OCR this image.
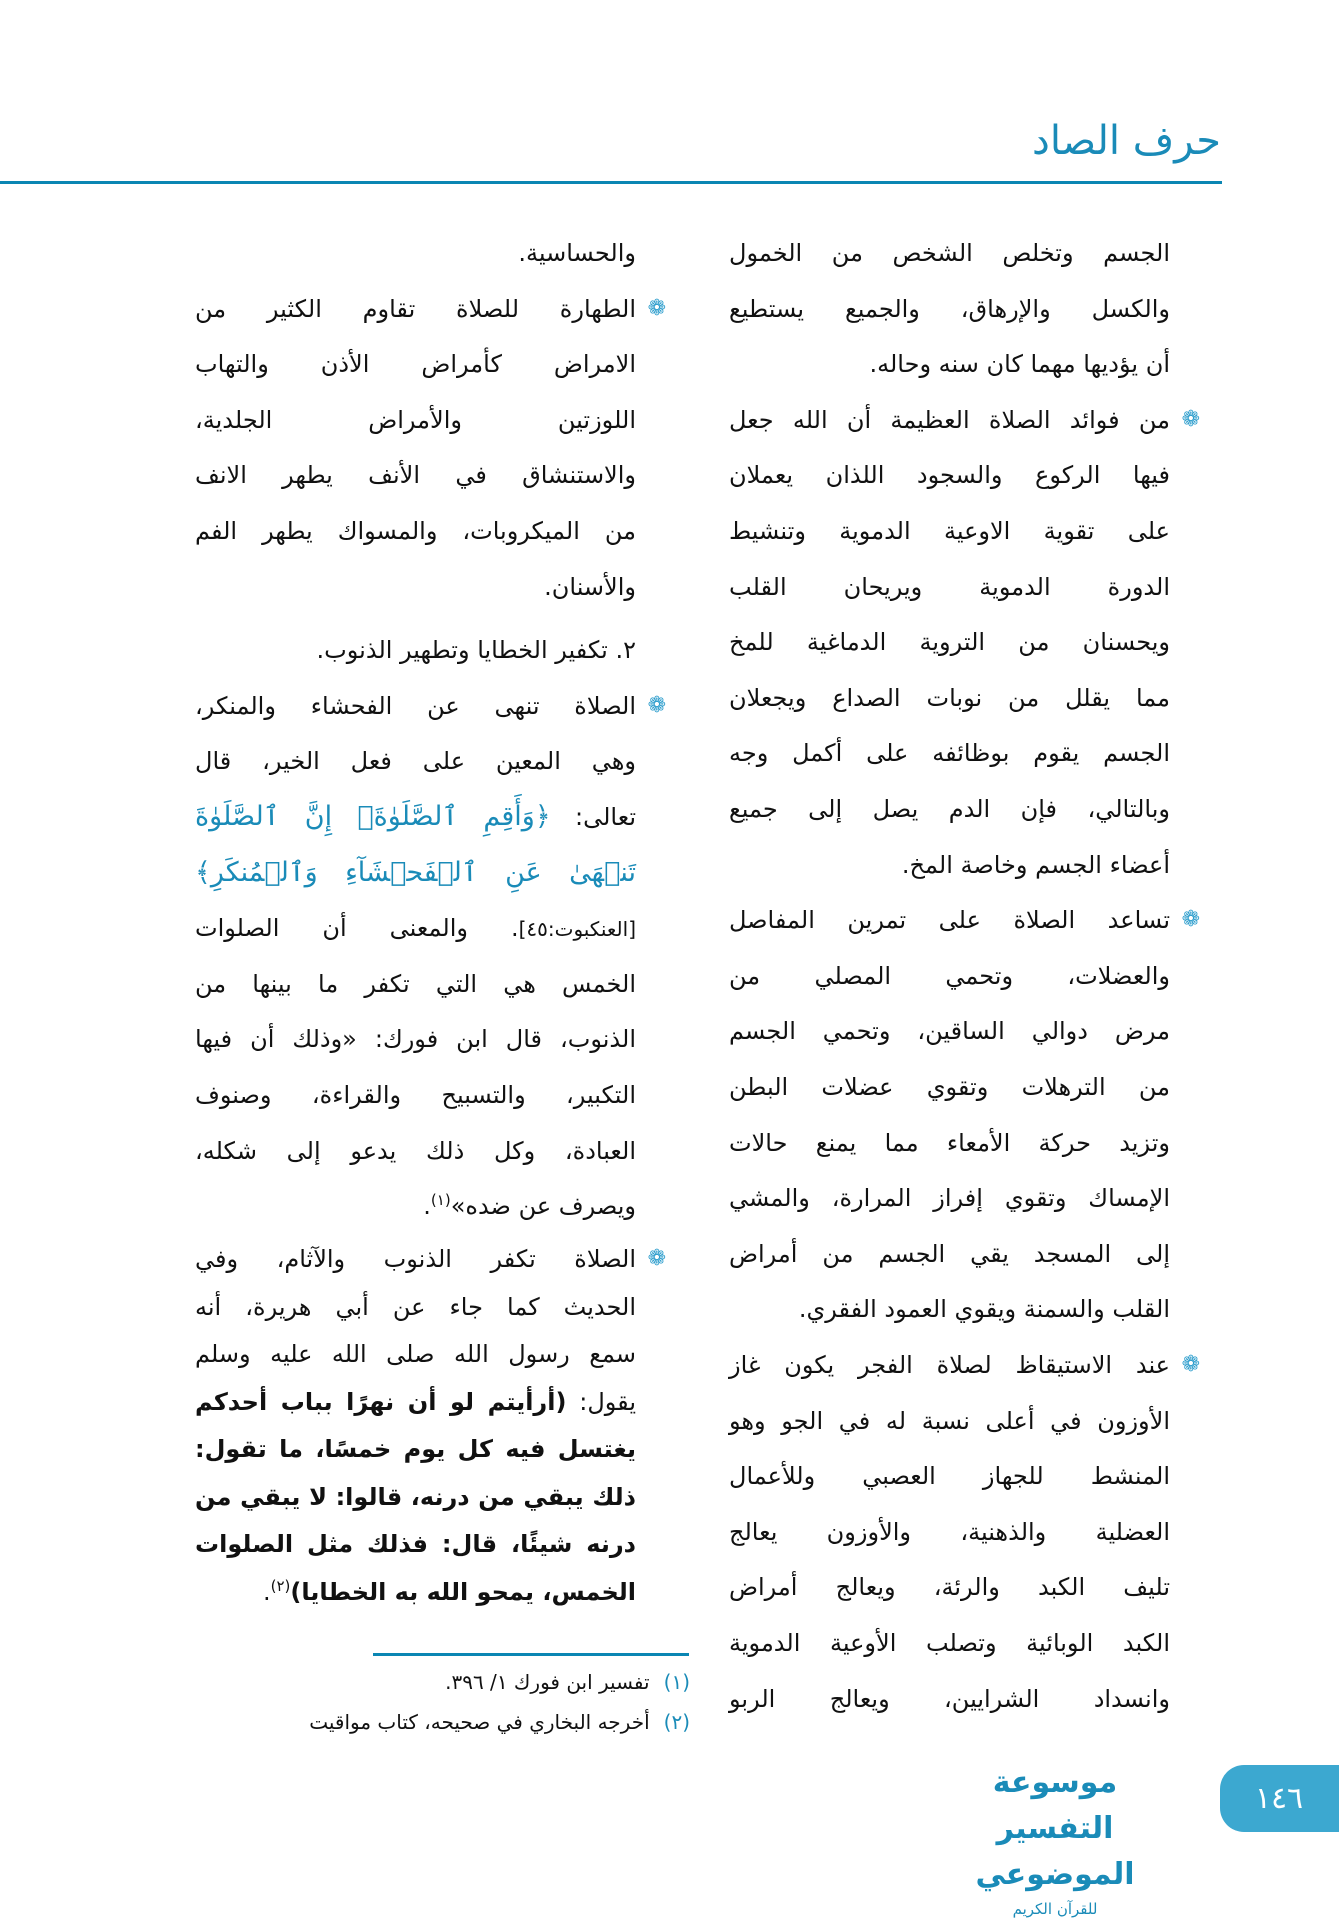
حرف الصاد
الجسم وتخلص الشخص من الخمول
والكسل والإرهاق، والجميع يستطيع
أن يؤديها مهما كان سنه وحاله.
❁
من فوائد الصلاة العظيمة أن الله جعل
فيها الركوع والسجود اللذان يعملان
على تقوية الاوعية الدموية وتنشيط
الدورة الدموية ويريحان القلب
ويحسنان من التروية الدماغية للمخ
مما يقلل من نوبات الصداع ويجعلان
الجسم يقوم بوظائفه على أكمل وجه
وبالتالي، فإن الدم يصل إلى جميع
أعضاء الجسم وخاصة المخ.
❁
تساعد الصلاة على تمرين المفاصل
والعضلات، وتحمي المصلي من
مرض دوالي الساقين، وتحمي الجسم
من الترهلات وتقوي عضلات البطن
وتزيد حركة الأمعاء مما يمنع حالات
الإمساك وتقوي إفراز المرارة، والمشي
إلى المسجد يقي الجسم من أمراض
القلب والسمنة ويقوي العمود الفقري.
❁
عند الاستيقاظ لصلاة الفجر يكون غاز
الأوزون في أعلى نسبة له في الجو وهو
المنشط للجهاز العصبي وللأعمال
العضلية والذهنية، والأوزون يعالج
تليف الكبد والرئة، ويعالج أمراض
الكبد الوبائية وتصلب الأوعية الدموية
وانسداد الشرايين، ويعالج الربو
والحساسية.
❁
الطهارة للصلاة تقاوم الكثير من
الامراض كأمراض الأذن والتهاب
اللوزتين والأمراض الجلدية،
والاستنشاق في الأنف يطهر الانف
من الميكروبات، والمسواك يطهر الفم
والأسنان.
٢. تكفير الخطايا وتطهير الذنوب.
❁
الصلاة تنهى عن الفحشاء والمنكر،
وهي المعين على فعل الخير، قال
تعالى: ﴿وَأَقِمِ ٱلصَّلَوٰةَۖ إِنَّ ٱلصَّلَوٰةَ
تَنۡهَىٰ عَنِ ٱلۡفَحۡشَآءِ وَٱلۡمُنكَرِ﴾
[العنكبوت:٤٥]. والمعنى أن الصلوات
الخمس هي التي تكفر ما بينها من
الذنوب، قال ابن فورك: «وذلك أن فيها
التكبير، والتسبيح والقراءة، وصنوف
العبادة، وكل ذلك يدعو إلى شكله،
ويصرف عن ضده»$^{(١)}$.
❁
الصلاة تكفر الذنوب والآثام، وفي
الحديث كما جاء عن أبي هريرة، أنه
سمع رسول الله صلى الله عليه وسلم
يقول: (أرأيتم لو أن نهرًا بباب أحدكم
يغتسل فيه كل يوم خمسًا، ما تقول:
ذلك يبقي من درنه، قالوا: لا يبقي من
درنه شيئًا، قال: فذلك مثل الصلوات
الخمس، يمحو الله به الخطايا)$^{(٢)}$.
(١)تفسير ابن فورك ١/ ٣٩٦.
(٢)أخرجه البخاري في صحيحه، كتاب مواقيت
موسوعة التفسير الموضوعي
للقرآن الكريم
١٤٦
